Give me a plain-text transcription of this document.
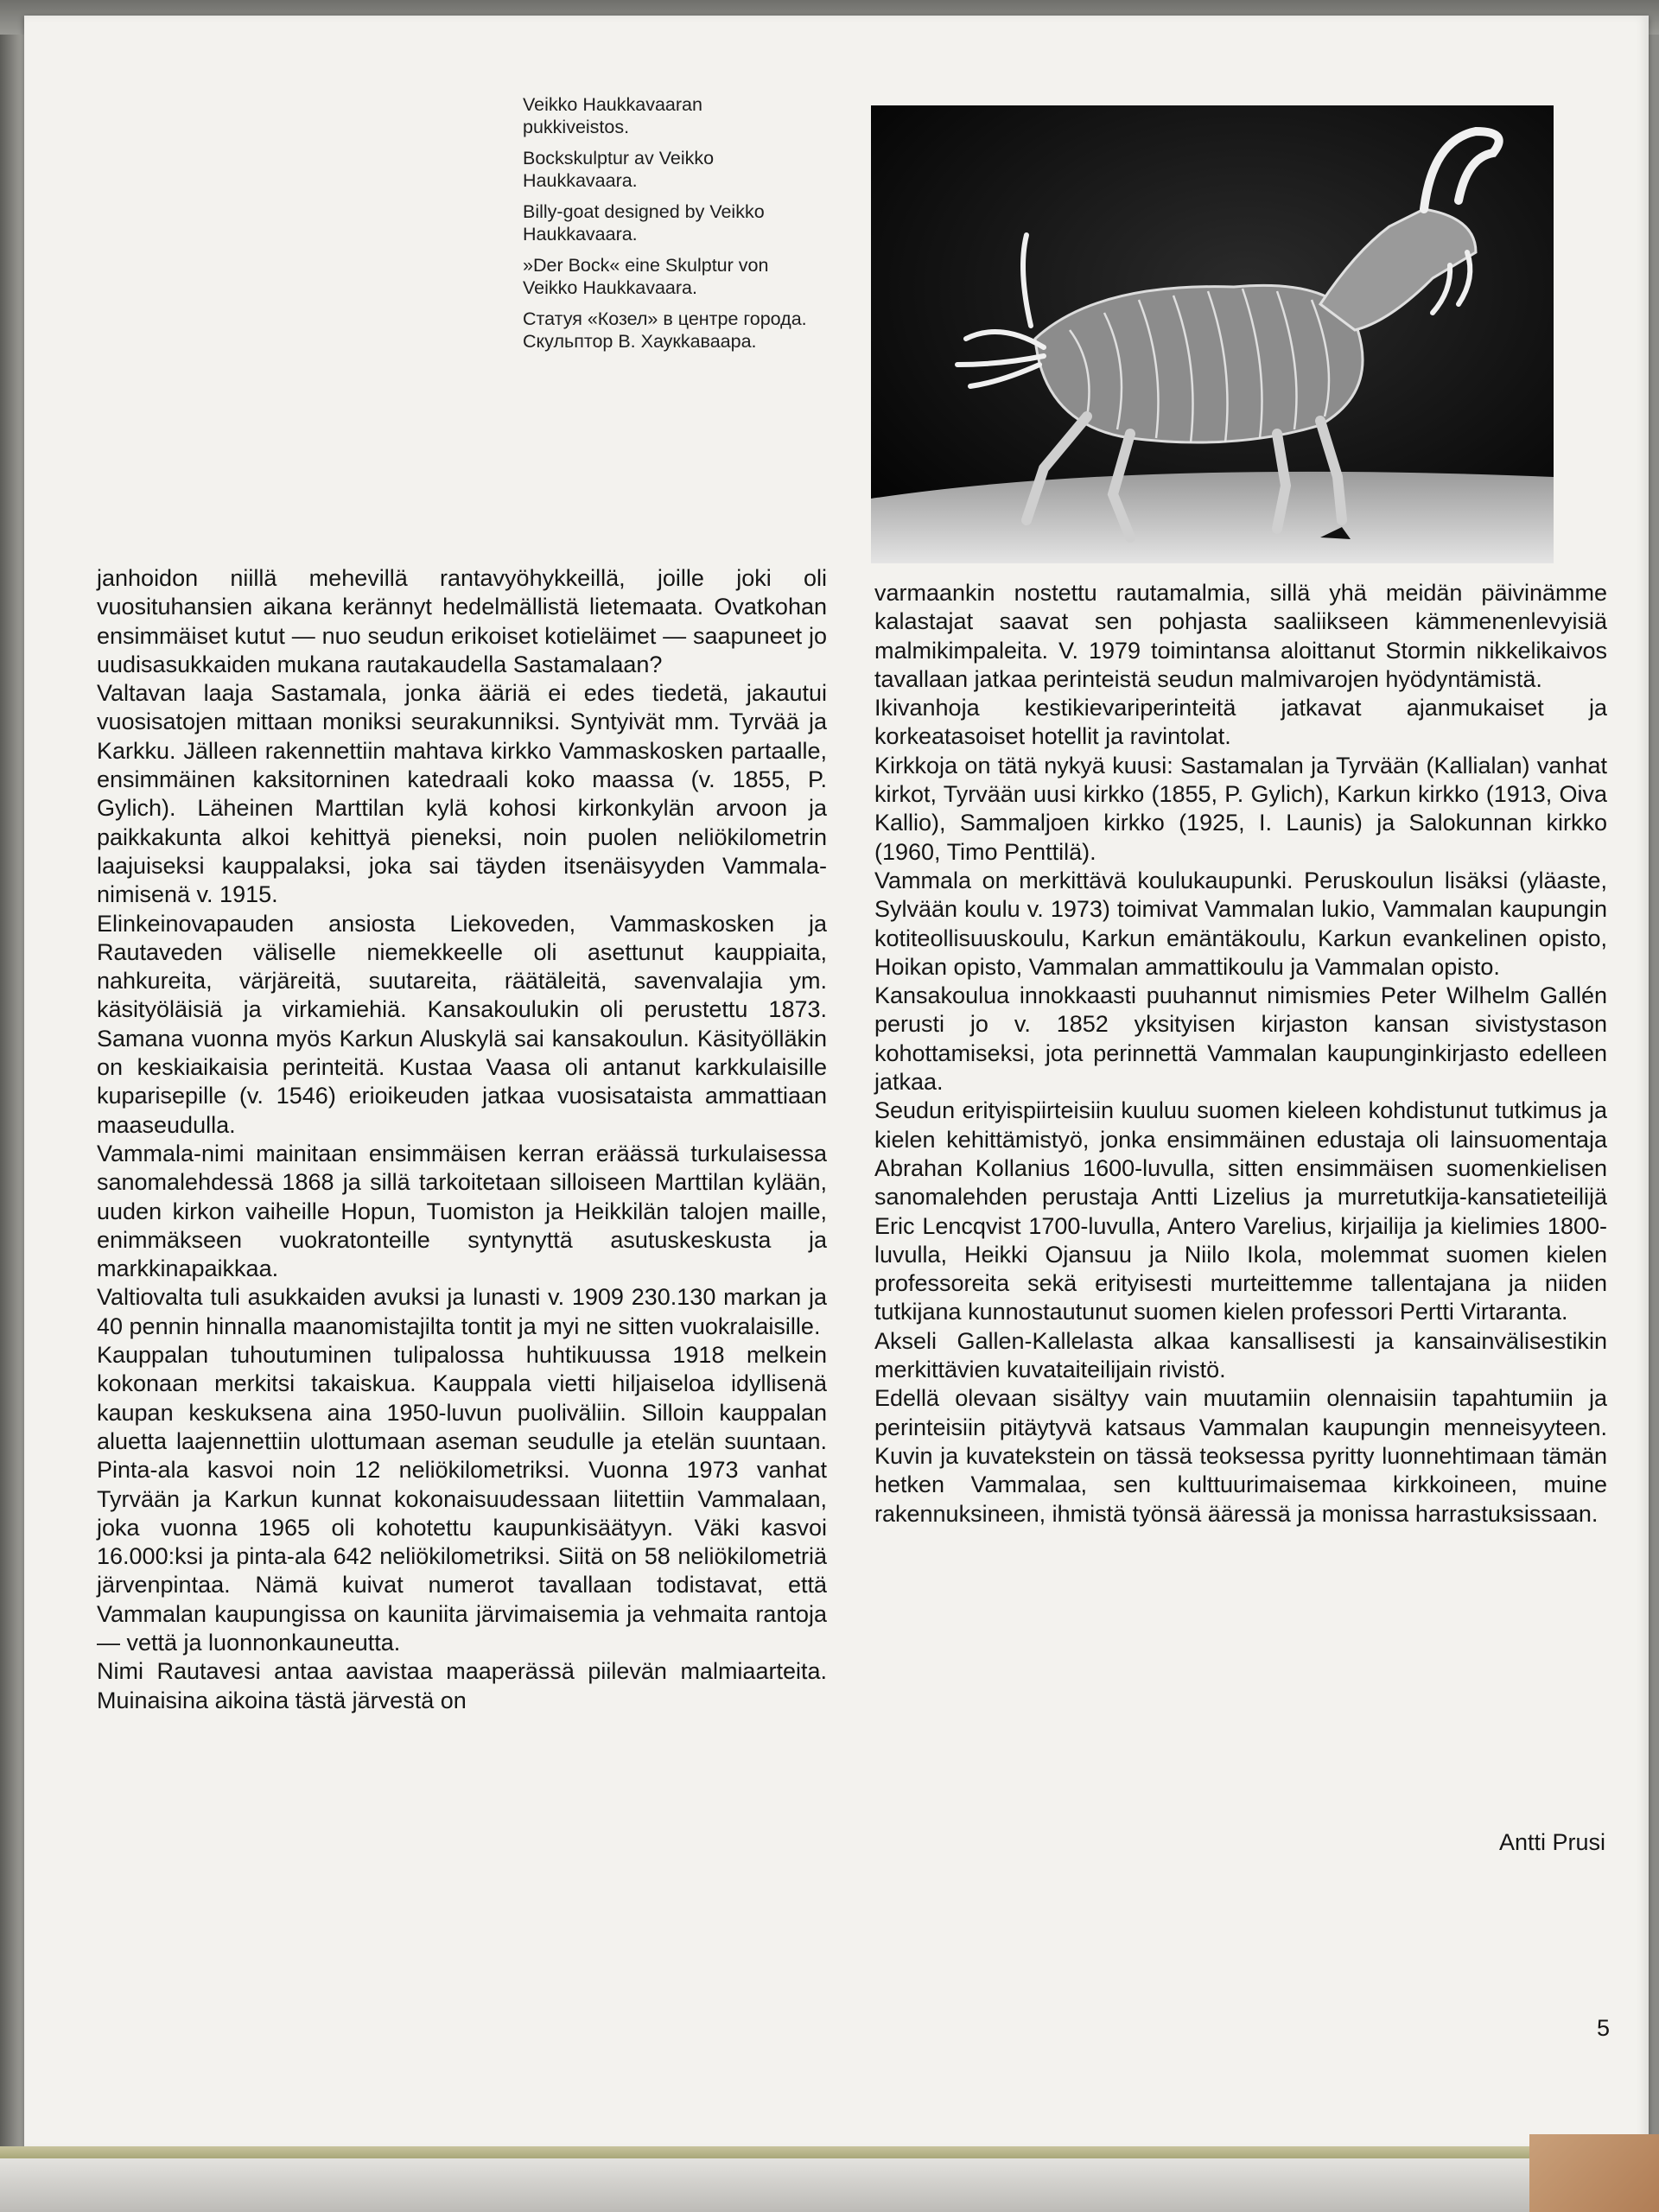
Veikko Haukkavaaran pukkiveistos.

Bockskulptur av Veikko Haukkavaara.

Billy-goat designed by Veikko Haukkavaara.

»Der Bock« eine Skulptur von Veikko Haukkavaara.

Статуя «Козел» в центре города. Скульптор В. Хаукkaваара.

janhoidon niillä mehevillä rantavyöhykkeillä, joille joki oli vuosituhansien aikana kerännyt hedelmällistä lietemaata. Ovatkohan ensimmäiset kutut — nuo seudun erikoiset kotieläimet — saapuneet jo uudisasukkaiden mukana rautakaudella Sastamalaan?

Valtavan laaja Sastamala, jonka ääriä ei edes tiedetä, jakautui vuosisatojen mittaan moniksi seurakunniksi. Syntyivät mm. Tyrvää ja Karkku. Jälleen rakennettiin mahtava kirkko Vammaskosken partaalle, ensimmäinen kaksitorninen katedraali koko maassa (v. 1855, P. Gylich). Läheinen Marttilan kylä kohosi kirkonkylän arvoon ja paikkakunta alkoi kehittyä pieneksi, noin puolen neliökilometrin laajuiseksi kauppalaksi, joka sai täyden itsenäisyyden Vammala-nimisenä v. 1915.

Elinkeinovapauden ansiosta Liekoveden, Vammaskosken ja Rautaveden väliselle niemekkeelle oli asettunut kauppiaita, nahkureita, värjäreitä, suutareita, räätäleitä, savenvalajia ym. käsityöläisiä ja virkamiehiä. Kansakoulukin oli perustettu 1873. Samana vuonna myös Karkun Aluskylä sai kansakoulun. Käsityölläkin on keskiaikaisia perinteitä. Kustaa Vaasa oli antanut karkkulaisille kuparisepille (v. 1546) erioikeuden jatkaa vuosisataista ammattiaan maaseudulla.

Vammala-nimi mainitaan ensimmäisen kerran eräässä turkulaisessa sanomalehdessä 1868 ja sillä tarkoitetaan silloiseen Marttilan kylään, uuden kirkon vaiheille Hopun, Tuomiston ja Heikkilän talojen maille, enimmäkseen vuokratonteille syntynyttä asutuskeskusta ja markkinapaikkaa.

Valtiovalta tuli asukkaiden avuksi ja lunasti v. 1909 230.130 markan ja 40 pennin hinnalla maanomistajilta tontit ja myi ne sitten vuokralaisille.

Kauppalan tuhoutuminen tulipalossa huhtikuussa 1918 melkein kokonaan merkitsi takaiskua. Kauppala vietti hiljaiseloa idyllisenä kaupan keskuksena aina 1950-luvun puoliväliin. Silloin kauppalan aluetta laajennettiin ulottumaan aseman seudulle ja etelän suuntaan. Pinta-ala kasvoi noin 12 neliökilometriksi. Vuonna 1973 vanhat Tyrvään ja Karkun kunnat kokonaisuudessaan liitettiin Vammalaan, joka vuonna 1965 oli kohotettu kaupunkisäätyyn. Väki kasvoi 16.000:ksi ja pinta-ala 642 neliökilometriksi. Siitä on 58 neliökilometriä järvenpintaa. Nämä kuivat numerot tavallaan todistavat, että Vammalan kaupungissa on kauniita järvimaisemia ja vehmaita rantoja — vettä ja luonnonkauneutta.

Nimi Rautavesi antaa aavistaa maaperässä piilevän malmiaarteita. Muinaisina aikoina tästä järvestä on

varmaankin nostettu rautamalmia, sillä yhä meidän päivinämme kalastajat saavat sen pohjasta saaliikseen kämmenenlevyisiä malmikimpaleita. V. 1979 toimintansa aloittanut Stormin nikkelikaivos tavallaan jatkaa perinteistä seudun malmivarojen hyödyntämistä.

Ikivanhoja kestikievariperinteitä jatkavat ajanmukaiset ja korkeatasoiset hotellit ja ravintolat.

Kirkkoja on tätä nykyä kuusi: Sastamalan ja Tyrvään (Kallialan) vanhat kirkot, Tyrvään uusi kirkko (1855, P. Gylich), Karkun kirkko (1913, Oiva Kallio), Sammaljoen kirkko (1925, I. Launis) ja Salokunnan kirkko (1960, Timo Penttilä).

Vammala on merkittävä koulukaupunki. Peruskoulun lisäksi (yläaste, Sylvään koulu v. 1973) toimivat Vammalan lukio, Vammalan kaupungin kotiteollisuuskoulu, Karkun emäntäkoulu, Karkun evankelinen opisto, Hoikan opisto, Vammalan ammattikoulu ja Vammalan opisto.

Kansakoulua innokkaasti puuhannut nimismies Peter Wilhelm Gallén perusti jo v. 1852 yksityisen kirjaston kansan sivistystason kohottamiseksi, jota perinnettä Vammalan kaupunginkirjasto edelleen jatkaa.

Seudun erityispiirteisiin kuuluu suomen kieleen kohdistunut tutkimus ja kielen kehittämistyö, jonka ensimmäinen edustaja oli lainsuomentaja Abrahan Kollanius 1600-luvulla, sitten ensimmäisen suomenkielisen sanomalehden perustaja Antti Lizelius ja murretutkija-kansatieteilijä Eric Lencqvist 1700-luvulla, Antero Varelius, kirjailija ja kielimies 1800-luvulla, Heikki Ojansuu ja Niilo Ikola, molemmat suomen kielen professoreita sekä erityisesti murteittemme tallentajana ja niiden tutkijana kunnostautunut suomen kielen professori Pertti Virtaranta.

Akseli Gallen-Kallelasta alkaa kansallisesti ja kansainvälisestikin merkittävien kuvataiteilijain rivistö.

Edellä olevaan sisältyy vain muutamiin olennaisiin tapahtumiin ja perinteisiin pitäytyvä katsaus Vammalan kaupungin menneisyyteen. Kuvin ja kuvatekstein on tässä teoksessa pyritty luonnehtimaan tämän hetken Vammalaa, sen kulttuurimaisemaa kirkkoineen, muine rakennuksineen, ihmistä työnsä ääressä ja monissa harrastuksissaan.

Antti Prusi
5
